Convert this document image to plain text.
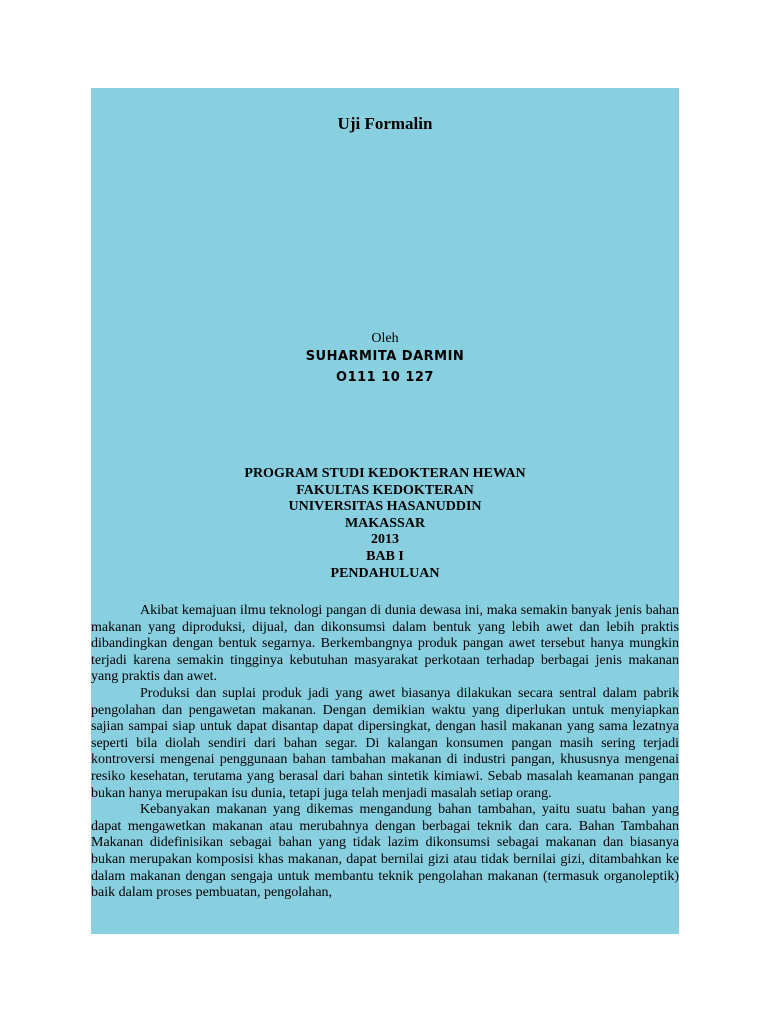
Uji Formalin
Oleh
SUHARMITA DARMIN
O111 10 127
PROGRAM STUDI KEDOKTERAN HEWAN
FAKULTAS KEDOKTERAN
UNIVERSITAS HASANUDDIN
MAKASSAR
2013
BAB I
PENDAHULUAN

Akibat kemajuan ilmu teknologi pangan di dunia dewasa ini, maka semakin banyak jenis bahan makanan yang diproduksi, dijual, dan dikonsumsi dalam bentuk yang lebih awet dan lebih praktis dibandingkan dengan bentuk segarnya. Berkembangnya produk pangan awet tersebut hanya mungkin terjadi karena semakin tingginya kebutuhan masyarakat perkotaan terhadap berbagai jenis makanan yang praktis dan awet.

Produksi dan suplai produk jadi yang awet biasanya dilakukan secara sentral dalam pabrik pengolahan dan pengawetan makanan. Dengan demikian waktu yang diperlukan untuk menyiapkan sajian sampai siap untuk dapat disantap dapat dipersingkat, dengan hasil makanan yang sama lezatnya seperti bila diolah sendiri dari bahan segar. Di kalangan konsumen pangan masih sering terjadi kontroversi mengenai penggunaan bahan tambahan makanan di industri pangan, khususnya mengenai resiko kesehatan, terutama yang berasal dari bahan sintetik kimiawi. Sebab masalah keamanan pangan bukan hanya merupakan isu dunia, tetapi juga telah menjadi masalah setiap orang.

Kebanyakan makanan yang dikemas mengandung bahan tambahan, yaitu suatu bahan yang dapat mengawetkan makanan atau merubahnya dengan berbagai teknik dan cara. Bahan Tambahan Makanan didefinisikan sebagai bahan yang tidak lazim dikonsumsi sebagai makanan dan biasanya bukan merupakan komposisi khas makanan, dapat bernilai gizi atau tidak bernilai gizi, ditambahkan ke dalam makanan dengan sengaja untuk membantu teknik pengolahan makanan (termasuk organoleptik) baik dalam proses pembuatan, pengolahan,
